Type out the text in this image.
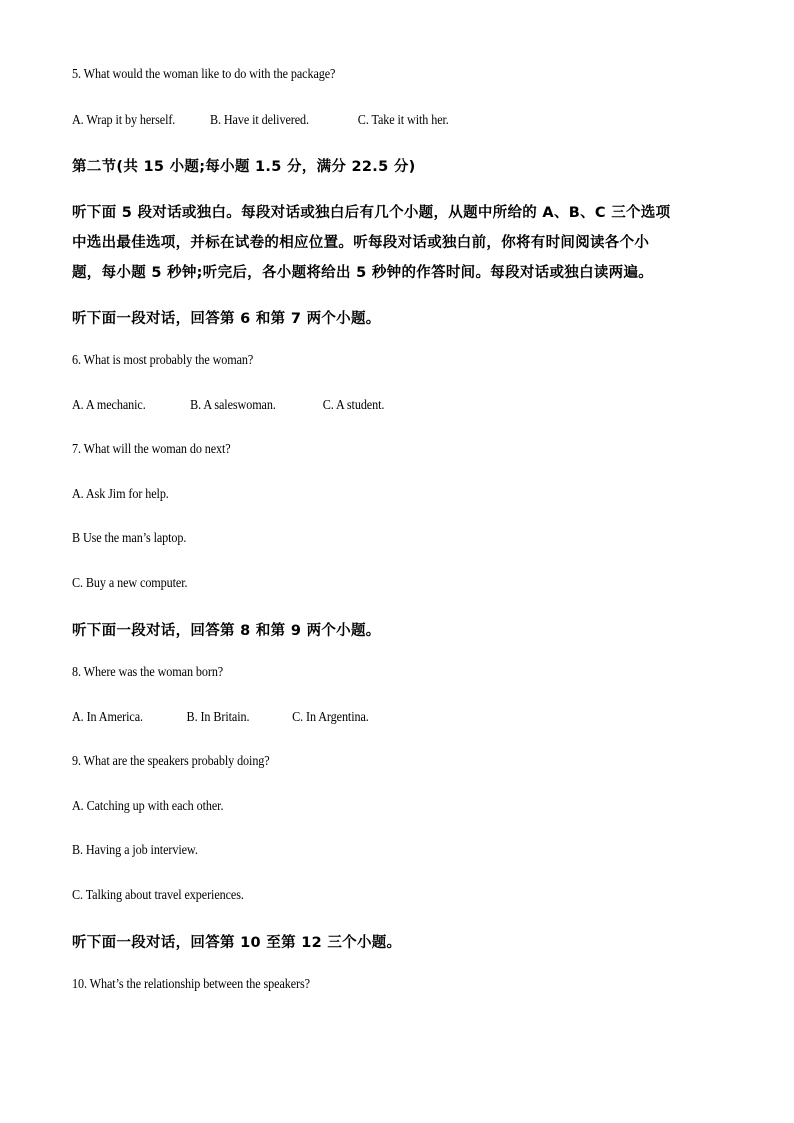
5. What would the woman like to do with the package?
A. Wrap it by herself.	B. Have it delivered.	C. Take it with her.
第二节(共 15 小题;每小题 1.5 分，满分 22.5 分)
听下面 5 段对话或独白。每段对话或独白后有几个小题，从题中所给的 A、B、C 三个选项
中选出最佳选项，并标在试卷的相应位置。听每段对话或独白前，你将有时间阅读各个小
题，每小题 5 秒钟;听完后，各小题将给出 5 秒钟的作答时间。每段对话或独白读两遍。
听下面一段对话，回答第 6 和第 7 两个小题。
6. What is most probably the woman?
A. A mechanic.	B. A saleswoman.	C. A student.
7. What will the woman do next?
A. Ask Jim for help.
B Use the man’s laptop.
C. Buy a new computer.
听下面一段对话，回答第 8 和第 9 两个小题。
8. Where was the woman born?
A. In America.	B. In Britain.	C. In Argentina.
9. What are the speakers probably doing?
A. Catching up with each other.
B. Having a job interview.
C. Talking about travel experiences.
听下面一段对话，回答第 10 至第 12 三个小题。
10. What’s the relationship between the speakers?
